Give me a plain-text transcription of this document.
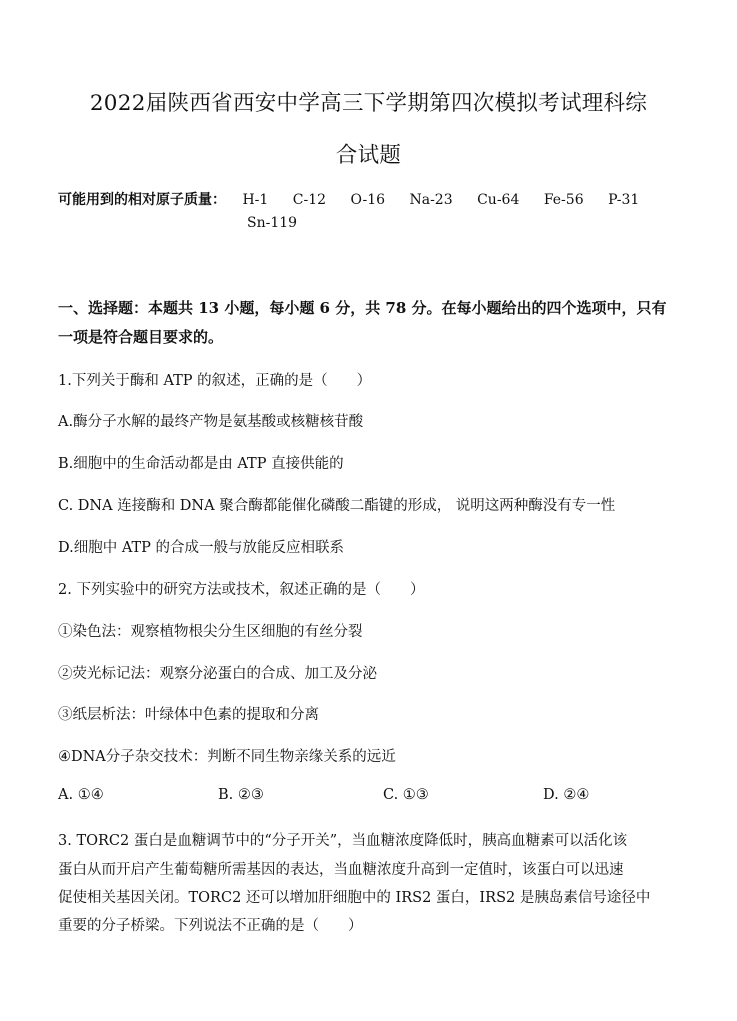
2022届陕西省西安中学高三下学期第四次模拟考试理科综
合试题
可能用到的相对原子质量： H-1 C-12 O-16 Na-23 Cu-64 Fe-56 P-31
Sn-119
一、选择题：本题共 13 小题，每小题 6 分，共 78 分。在每小题给出的四个选项中，只有
一项是符合题目要求的。
1.下列关于酶和 ATP 的叙述，正确的是（　　）
A.酶分子水解的最终产物是氨基酸或核糖核苷酸
B.细胞中的生命活动都是由 ATP 直接供能的
C. DNA 连接酶和 DNA 聚合酶都能催化磷酸二酯键的形成， 说明这两种酶没有专一性
D.细胞中 ATP 的合成一般与放能反应相联系
2. 下列实验中的研究方法或技术，叙述正确的是（　　）
①染色法：观察植物根尖分生区细胞的有丝分裂
②荧光标记法：观察分泌蛋白的合成、加工及分泌
③纸层析法：叶绿体中色素的提取和分离
④DNA分子杂交技术：判断不同生物亲缘关系的远近
A. ①④	B. ②③	C. ①③	D. ②④
3. TORC2 蛋白是血糖调节中的“分子开关”，当血糖浓度降低时，胰高血糖素可以活化该
蛋白从而开启产生葡萄糖所需基因的表达，当血糖浓度升高到一定值时，该蛋白可以迅速
促使相关基因关闭。TORC2 还可以增加肝细胞中的 IRS2 蛋白，IRS2 是胰岛素信号途径中
重要的分子桥梁。下列说法不正确的是（　　）
